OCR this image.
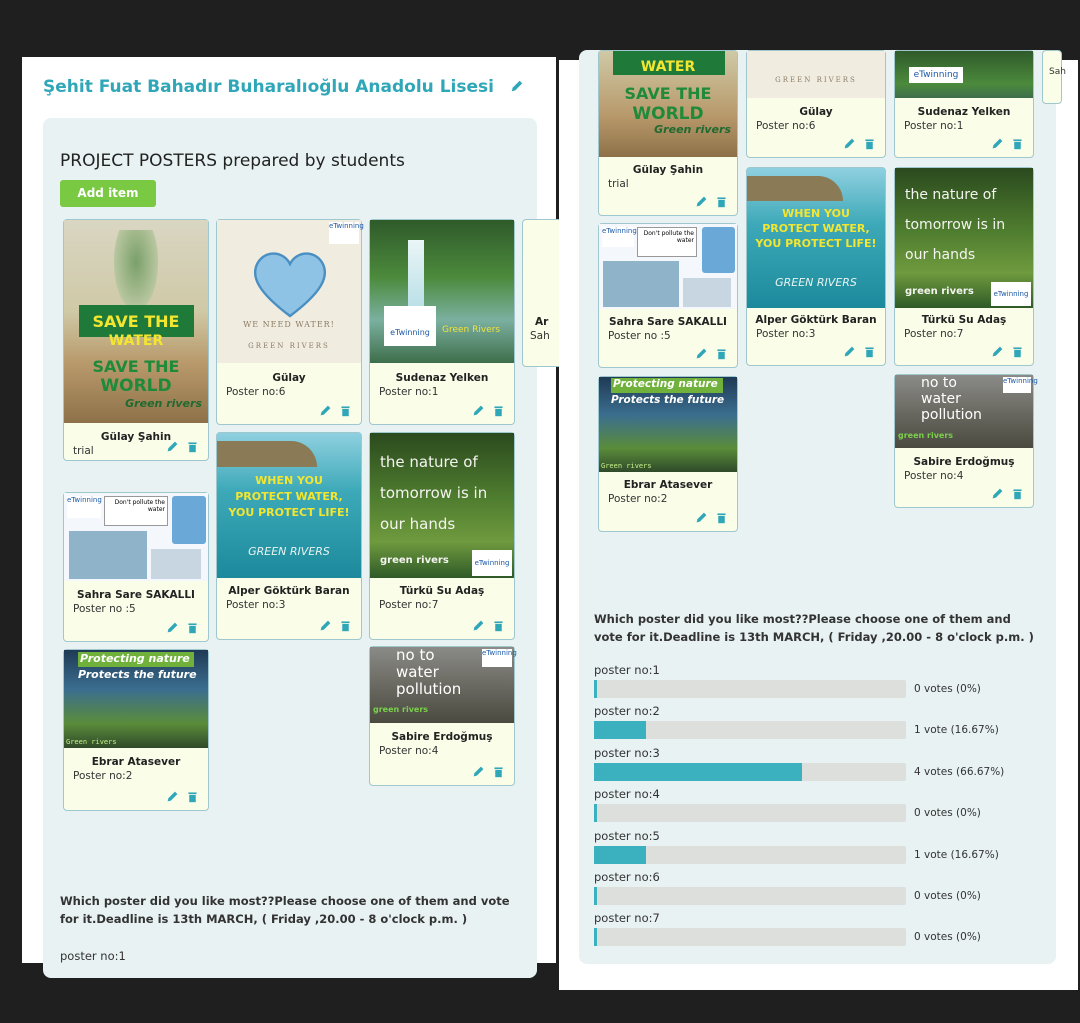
Şehit Fuat Bahadır Buharalıoğlu Anadolu Lisesi
PROJECT POSTERS prepared by students
Add item
SAVE THE
WATER
SAVE THE
WORLD
Green rivers
Gülay Şahin
trial
WE NEED WATER!
GREEN RIVERS
eTwinning
Gülay
Poster no:6
eTwinning	Green Rivers
Sudenaz Yelken
Poster no:1
Ar
Sah
eTwinning	Don't pollute the water
Sahra Sare SAKALLI
Poster no :5
WHEN YOU PROTECT WATER, YOU PROTECT LIFE!
GREEN RIVERS
Alper Göktürk Baran
Poster no:3
the nature of tomorrow is in our hands
green rivers	eTwinning
Türkü Su Adaş
Poster no:7
Protecting nature
Protects the future
Green rivers
Ebrar Atasever
Poster no:2
no to water pollution
green rivers
eTwinning
Sabire Erdoğmuş
Poster no:4
Which poster did you like most??Please choose one of them and vote for it.Deadline is 13th MARCH, ( Friday ,20.00 - 8 o'clock p.m. )
poster no:1
WATER
SAVE THE
WORLD
Green rivers
Gülay Şahin
trial
GREEN RIVERS
Gülay
Poster no:6
eTwinning
Sudenaz Yelken
Poster no:1
Sah
eTwinning	Don't pollute the water
Sahra Sare SAKALLI
Poster no :5
WHEN YOU PROTECT WATER, YOU PROTECT LIFE!
GREEN RIVERS
Alper Göktürk Baran
Poster no:3
the nature of tomorrow is in our hands
green rivers	eTwinning
Türkü Su Adaş
Poster no:7
Protecting nature
Protects the future
Green rivers
Ebrar Atasever
Poster no:2
no to water pollution
green rivers
eTwinning
Sabire Erdoğmuş
Poster no:4
Which poster did you like most??Please choose one of them and vote for it.Deadline is 13th MARCH, ( Friday ,20.00 - 8 o'clock p.m. )
poster no:1
0 votes (0%)
poster no:2
1 vote (16.67%)
poster no:3
4 votes (66.67%)
poster no:4
0 votes (0%)
poster no:5
1 vote (16.67%)
poster no:6
0 votes (0%)
poster no:7
0 votes (0%)
